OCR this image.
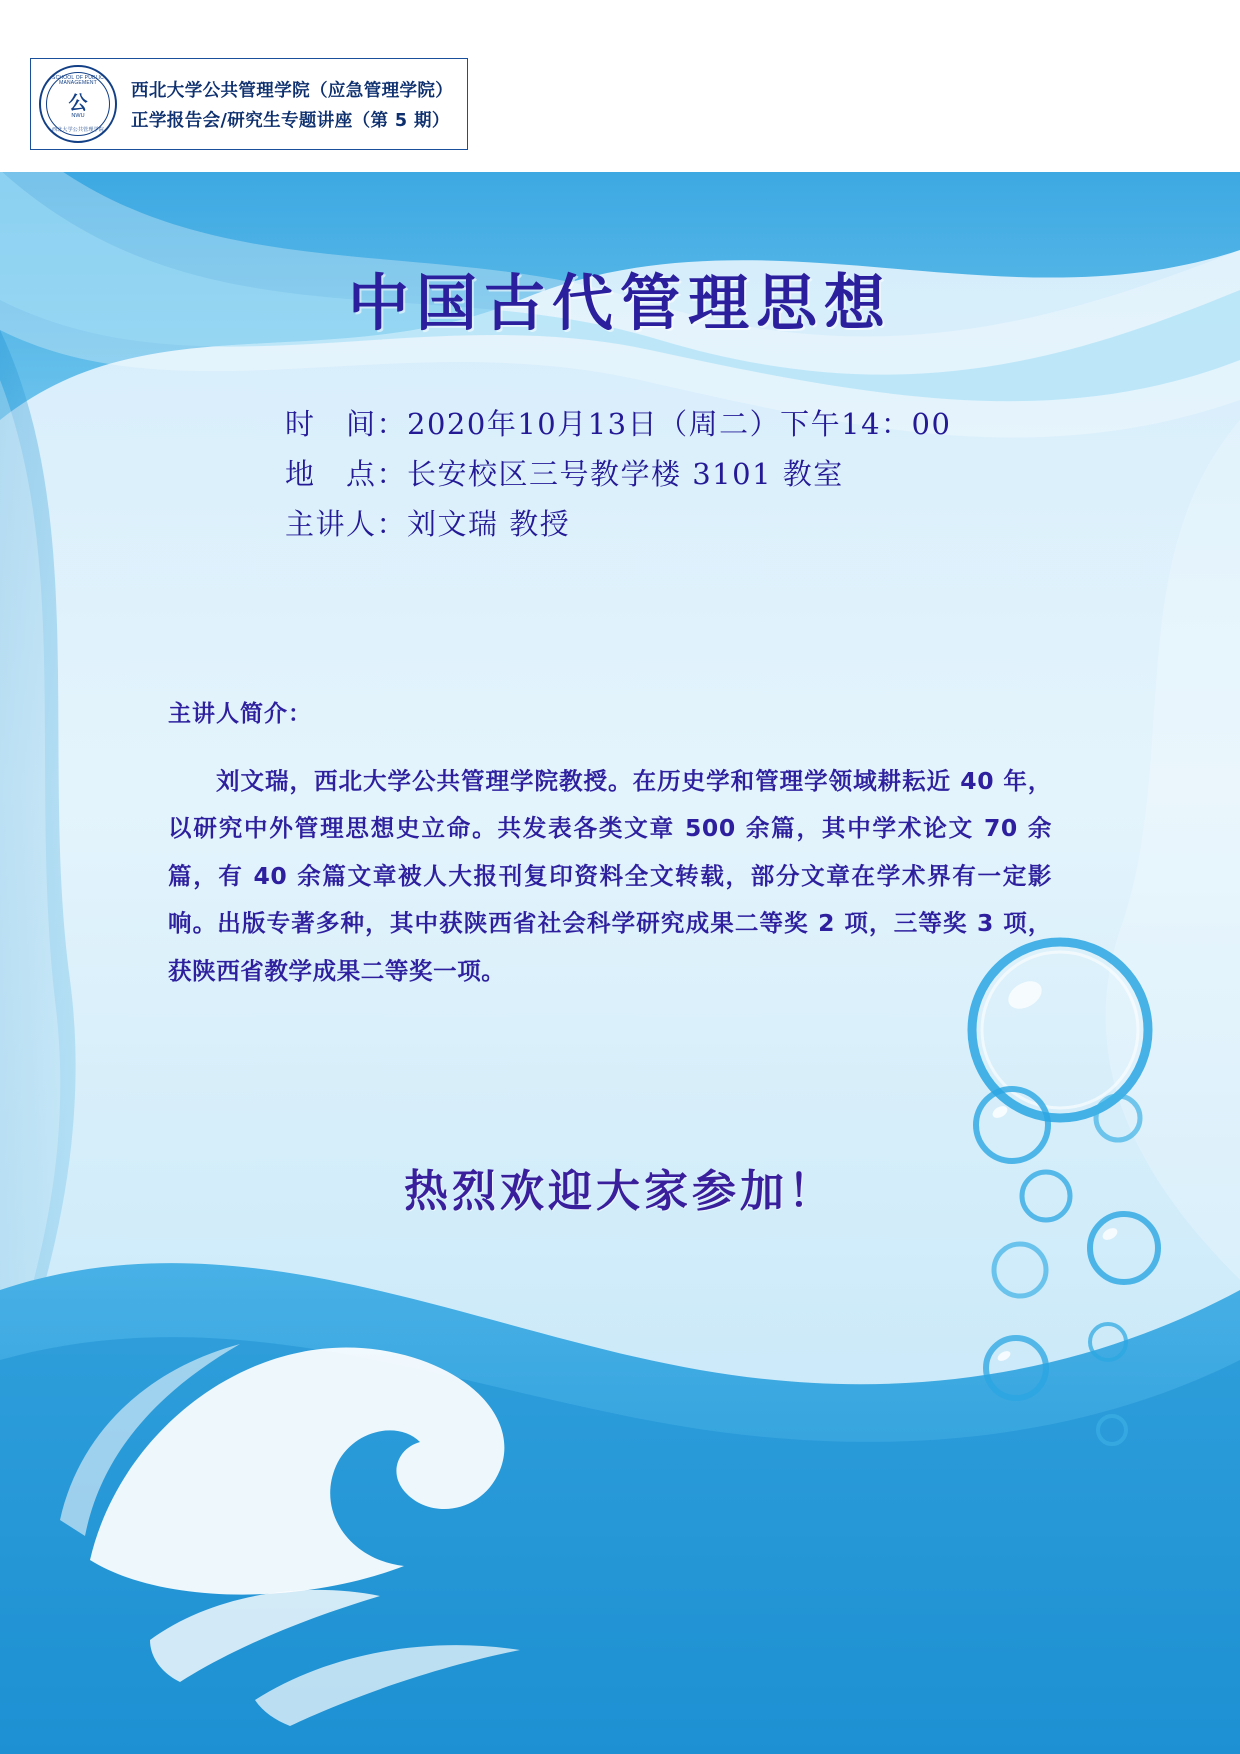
SCHOOL OF PUBLIC MANAGEMENT
公
NWU
西北大学公共管理学院
西北大学公共管理学院（应急管理学院）
正学报告会/研究生专题讲座（第 5 期）
中国古代管理思想
时　间：2020年10月13日（周二）下午14：00
地　点：长安校区三号教学楼 3101 教室
主讲人：刘文瑞 教授
主讲人简介：
刘文瑞，西北大学公共管理学院教授。在历史学和管理学领域耕耘近 40 年，以研究中外管理思想史立命。共发表各类文章 500 余篇，其中学术论文 70 余篇，有 40 余篇文章被人大报刊复印资料全文转载，部分文章在学术界有一定影响。出版专著多种，其中获陕西省社会科学研究成果二等奖 2 项，三等奖 3 项，获陕西省教学成果二等奖一项。
热烈欢迎大家参加！
